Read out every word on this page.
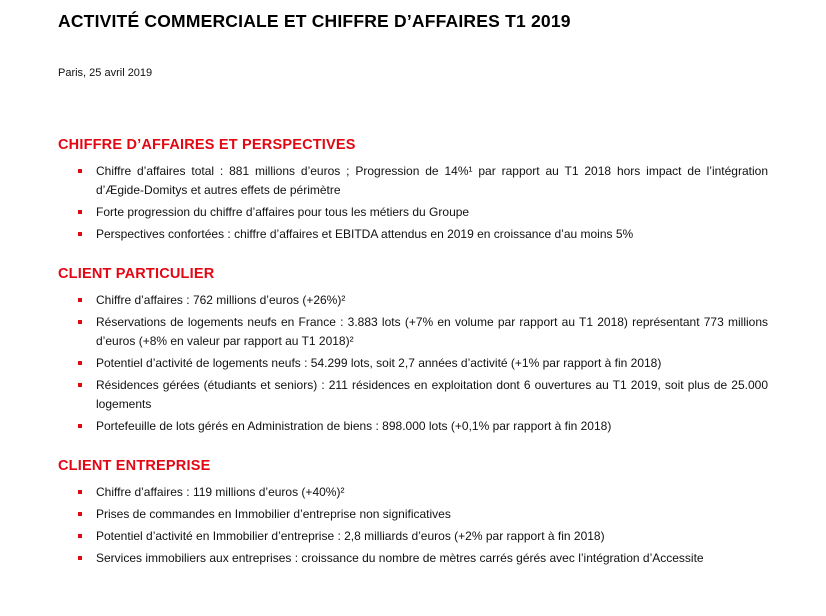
ACTIVITÉ COMMERCIALE ET CHIFFRE D’AFFAIRES T1 2019
Paris, 25 avril 2019
CHIFFRE D’AFFAIRES ET PERSPECTIVES
Chiffre d’affaires total : 881 millions d’euros ; Progression de 14%¹ par rapport au T1 2018 hors impact de l’intégration d’Ægide-Domitys et autres effets de périmètre
Forte progression du chiffre d’affaires pour tous les métiers du Groupe
Perspectives confortées : chiffre d’affaires et EBITDA attendus en 2019 en croissance d’au moins 5%
CLIENT PARTICULIER
Chiffre d’affaires : 762 millions d’euros (+26%)²
Réservations de logements neufs en France : 3.883 lots (+7% en volume par rapport au T1 2018) représentant 773 millions d’euros (+8% en valeur par rapport au T1 2018)²
Potentiel d’activité de logements neufs : 54.299 lots, soit 2,7 années d’activité (+1% par rapport à fin 2018)
Résidences gérées (étudiants et seniors) : 211 résidences en exploitation dont 6 ouvertures au T1 2019, soit plus de 25.000 logements
Portefeuille de lots gérés en Administration de biens : 898.000 lots (+0,1% par rapport à fin 2018)
CLIENT ENTREPRISE
Chiffre d’affaires : 119 millions d’euros (+40%)²
Prises de commandes en Immobilier d’entreprise non significatives
Potentiel d’activité en Immobilier d’entreprise : 2,8 milliards d’euros (+2% par rapport à fin 2018)
Services immobiliers aux entreprises : croissance du nombre de mètres carrés gérés avec l’intégration d’Accessite
